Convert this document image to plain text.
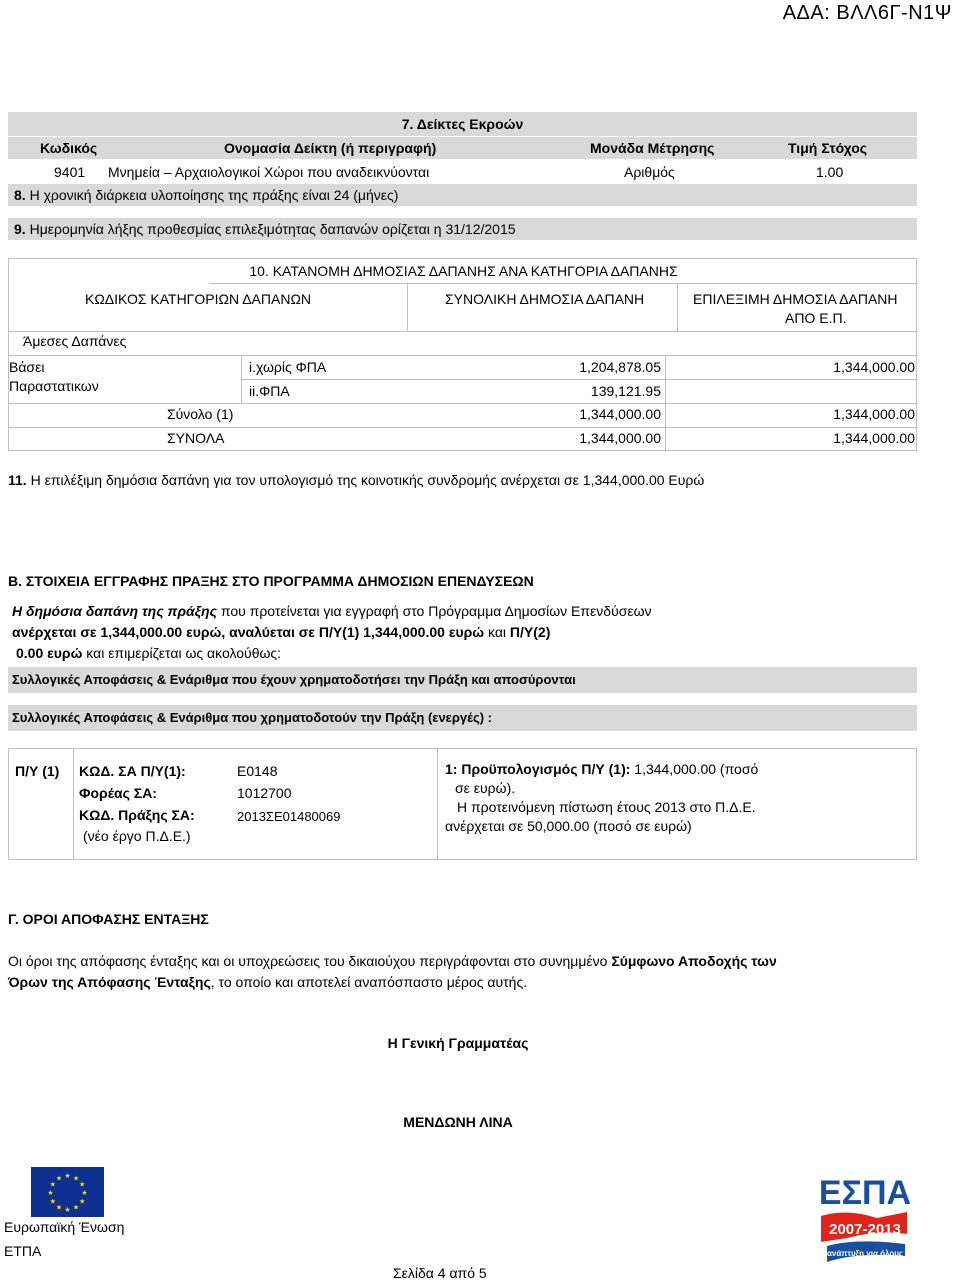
ΑΔΑ: ΒΛΛ6Γ-Ν1Ψ
7. Δείκτες Εκροών
Κωδικός	Ονομασία Δείκτη (ή περιγραφή)	Μονάδα Μέτρησης	Τιμή Στόχος
9401 Μνημεία – Αρχαιολογικοί Χώροι που αναδεικνύονται	Αριθμός	1.00
8. Η χρονική διάρκεια υλοποίησης της πράξης είναι 24 (μήνες)
9. Ημερομηνία λήξης προθεσμίας επιλεξιμότητας δαπανών ορίζεται η 31/12/2015
10. ΚΑΤΑΝΟΜΗ ΔΗΜΟΣΙΑΣ ΔΑΠΑΝΗΣ ΑΝΑ ΚΑΤΗΓΟΡΙΑ ΔΑΠΑΝΗΣ
ΚΩΔΙΚΟΣ ΚΑΤΗΓΟΡΙΩΝ ΔΑΠΑΝΩΝ	ΣΥΝΟΛΙΚΗ ΔΗΜΟΣΙΑ ΔΑΠΑΝΗ	ΕΠΙΛΕΞΙΜΗ ΔΗΜΟΣΙΑ ΔΑΠΑΝΗ
ΑΠΟ Ε.Π.
Άμεσες Δαπάνες
Βάσει
Παραστατικων
i.χωρίς ΦΠΑ	1,204,878.05	1,344,000.00
ii.ΦΠΑ	139,121.95
Σύνολο (1)	1,344,000.00	1,344,000.00
ΣΥΝΟΛΑ	1,344,000.00	1,344,000.00
11. Η επιλέξιμη δημόσια δαπάνη για τον υπολογισμό της κοινοτικής συνδρομής ανέρχεται σε 1,344,000.00 Ευρώ
Β. ΣΤΟΙΧΕΙΑ ΕΓΓΡΑΦΗΣ ΠΡΑΞΗΣ ΣΤΟ ΠΡΟΓΡΑΜΜΑ ΔΗΜΟΣΙΩΝ ΕΠΕΝΔΥΣΕΩΝ
Η δημόσια δαπάνη της πράξης που προτείνεται για εγγραφή στο Πρόγραμμα Δημοσίων Επενδύσεων
ανέρχεται σε 1,344,000.00 ευρώ, αναλύεται σε Π/Υ(1) 1,344,000.00 ευρώ και Π/Υ(2)
0.00 ευρώ και επιμερίζεται ως ακολούθως:
Συλλογικές Αποφάσεις & Ενάριθμα που έχουν χρηματοδοτήσει την Πράξη και αποσύρονται
Συλλογικές Αποφάσεις & Ενάριθμα που χρηματοδοτούν την Πράξη (ενεργές) :
Π/Υ (1) ΚΩΔ. ΣΑ Π/Υ(1):	Ε0148
Φορέας ΣΑ:	1012700
ΚΩΔ. Πράξης ΣΑ:	2013ΣΕ01480069
(νέο έργο Π.Δ.Ε.)
1: Προϋπολογισμός Π/Υ (1): 1,344,000.00 (ποσό
σε ευρώ).
Η προτεινόμενη πίστωση έτους 2013 στο Π.Δ.Ε.
ανέρχεται σε 50,000.00 (ποσό σε ευρώ)
Γ. ΟΡΟΙ ΑΠΟΦΑΣΗΣ ΕΝΤΑΞΗΣ
Οι όροι της απόφασης ένταξης και οι υποχρεώσεις του δικαιούχου περιγράφονται στο συνημμένο Σύμφωνο Αποδοχής των
Όρων της Απόφασης Ένταξης, το οποίο και αποτελεί αναπόσπαστο μέρος αυτής.
Η Γενική Γραμματέας
ΜΕΝΔΩΝΗ ΛΙΝΑ
★ ★
★
★
★
★
★
★
★
★
★
★
Ευρωπαϊκή Ένωση
ΕΤΠΑ
Σελίδα 4 από 5
ΕΣΠΑ
2007-2013
ανάπτυξη για όλους
